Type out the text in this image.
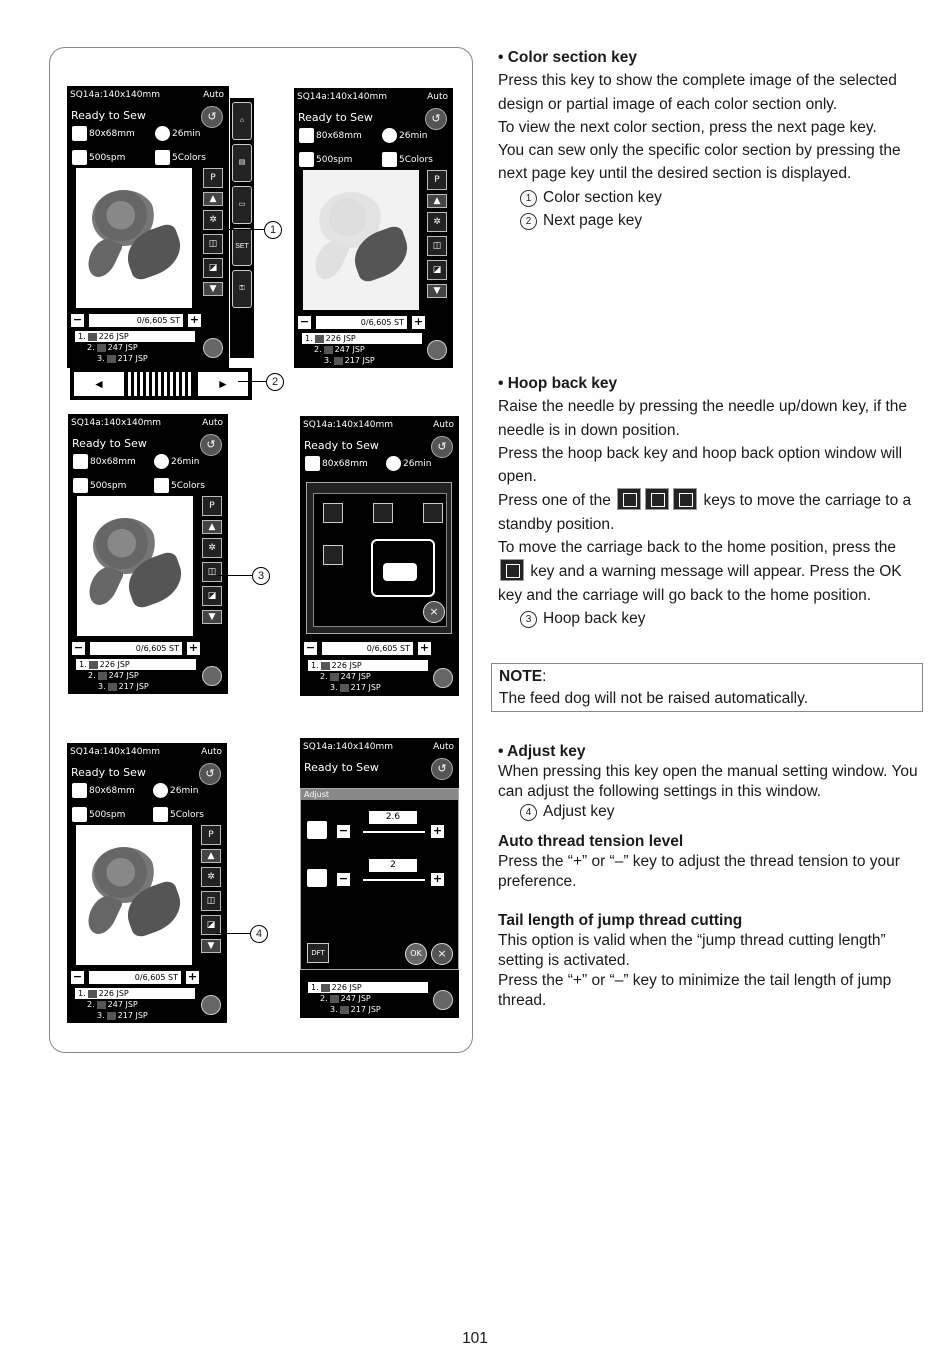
SQ14a:140x140mm	Auto
Ready to Sew	↺
80x68mm	26min
500spm	5Colors
P
▲
✲
◫
◪
▼
−	0/6,605 ST +
1. 226 JSP
2. 247 JSP
3. 217 JSP
⌂
▤
▭
SET
⚿
◄	►
SQ14a:140x140mm	Auto
Ready to Sew	↺
80x68mm	26min
500spm	5Colors
P
▲
✲
◫
◪
▼
−	0/6,605 ST +
1. 226 JSP
2. 247 JSP
3. 217 JSP
SQ14a:140x140mm	Auto
Ready to Sew	↺
80x68mm	26min
500spm	5Colors
P
▲
✲
◫
◪
▼
−	0/6,605 ST +
1. 226 JSP
2. 247 JSP
3. 217 JSP
SQ14a:140x140mm	Auto
Ready to Sew	↺
80x68mm	26min
×
−	0/6,605 ST +
1. 226 JSP
2. 247 JSP
3. 217 JSP
SQ14a:140x140mm	Auto
Ready to Sew	↺
80x68mm	26min
500spm	5Colors
P
▲
✲
◫
◪
▼
−	0/6,605 ST +
1. 226 JSP
2. 247 JSP
3. 217 JSP
SQ14a:140x140mm	Auto
Ready to Sew	↺
Adjust
−
2.6
+
−
2
+
DFT	OK	×
1. 226 JSP
2. 247 JSP
3. 217 JSP
1
2
3
4

• Color section key

Press this key to show the complete image of the selected design or partial image of each color section only.

To view the next color section, press the next page key.

You can sew only the specific color section by pressing the next page key until the desired section is displayed.

1 Color section key

2 Next page key

• Hoop back key

Raise the needle by pressing the needle up/down key, if the needle is in down position.

Press the hoop back key and hoop back option window will open.

Press one of the	keys to move the carriage to a standby position.

To move the carriage back to the home position, press the  key and a warning message will appear. Press the OK key and the carriage will go back to the home position.

3 Hoop back key

NOTE:
The feed dog will not be raised automatically.

• Adjust key

When pressing this key open the manual setting window. You can adjust the following settings in this window.

4 Adjust key

Auto thread tension level

Press the “+” or “–” key to adjust the thread tension to your preference.

Tail length of jump thread cutting

This option is valid when the “jump thread cutting length” setting is activated.

Press the “+” or “–” key to minimize the tail length of jump thread.

101
